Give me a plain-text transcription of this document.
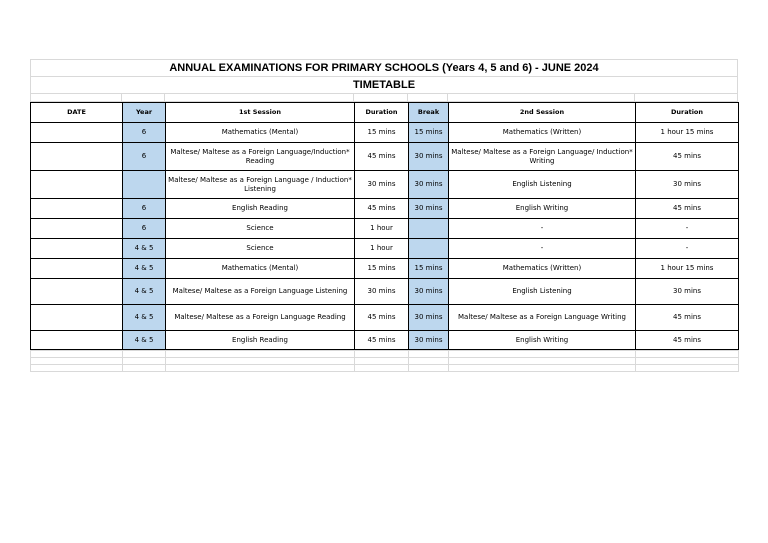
ANNUAL EXAMINATIONS FOR PRIMARY SCHOOLS (Years 4, 5 and 6) - JUNE 2024
TIMETABLE
DATE	Year	1st Session	Duration	Break	2nd Session	Duration
	6	Mathematics (Mental)	15 mins	15 mins	Mathematics (Written)	1 hour 15 mins
	6	Maltese/ Maltese as a Foreign Language/Induction* Reading	45 mins	30 mins	Maltese/ Maltese as a Foreign Language/ Induction* Writing	45 mins
		Maltese/ Maltese as a Foreign Language / Induction* Listening	30 mins	30 mins	English Listening	30 mins
	6	English Reading	45 mins	30 mins	English Writing	45 mins
	6	Science	1 hour		-	-
	4 & 5	Science	1 hour		-	-
	4 & 5	Mathematics (Mental)	15 mins	15 mins	Mathematics (Written)	1 hour 15 mins
	4 & 5	Maltese/ Maltese as a Foreign Language Listening	30 mins	30 mins	English Listening	30 mins
	4 & 5	Maltese/ Maltese as a Foreign Language Reading	45 mins	30 mins	Maltese/ Maltese as a Foreign Language Writing	45 mins
	4 & 5	English Reading	45 mins	30 mins	English Writing	45 mins
